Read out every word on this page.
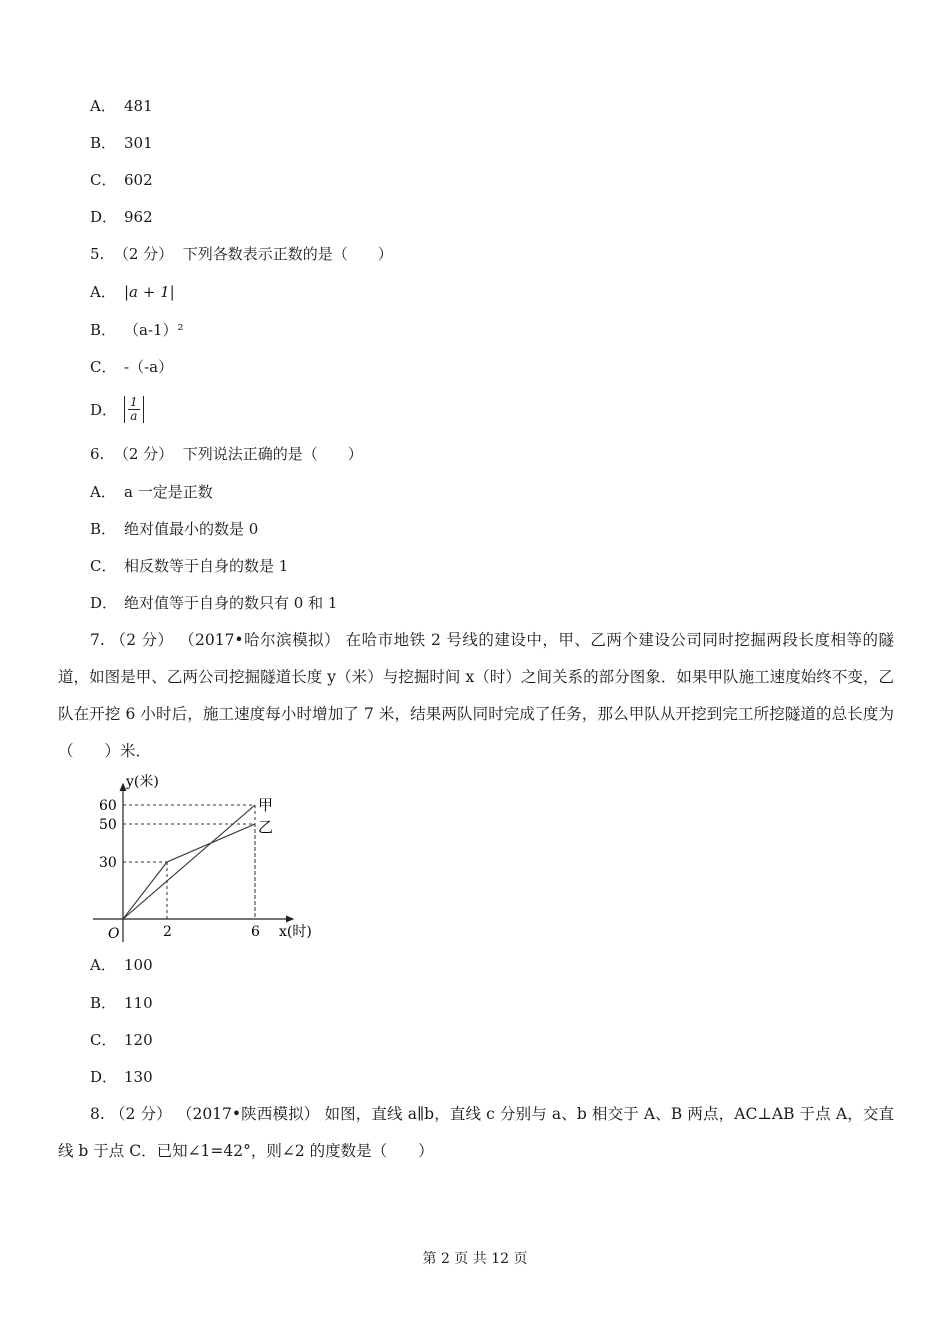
A． 481
B． 301
C． 602
D． 962
5. （2 分） 下列各数表示正数的是（　　）
A． |a + 1|
B． （a-1）²
C． -（-a）
D． $\frac{1}{a}$
6. （2 分） 下列说法正确的是（　　）
A． a 一定是正数
B． 绝对值最小的数是 0
C． 相反数等于自身的数是 1
D． 绝对值等于自身的数只有 0 和 1
7. （2 分） （2017•哈尔滨模拟） 在哈市地铁 2 号线的建设中，甲、乙两个建设公司同时挖掘两段长度相等的隧道，如图是甲、乙两公司挖掘隧道长度 y（米）与挖掘时间 x（时）之间关系的部分图象．如果甲队施工速度始终不变，乙队在开挖 6 小时后，施工速度每小时增加了 7 米，结果两队同时完成了任务，那么甲队从开挖到完工所挖隧道的总长度为（　　）米．
30
50
60
2	6
y(米)
x(时)
O
甲
乙
A． 100
B． 110
C． 120
D． 130
8. （2 分） （2017•陕西模拟） 如图，直线 a∥b，直线 c 分别与 a、b 相交于 A、B 两点，AC⊥AB 于点 A，交直线 b 于点 C．已知∠1=42°，则∠2 的度数是（　　）
第 2 页 共 12 页
